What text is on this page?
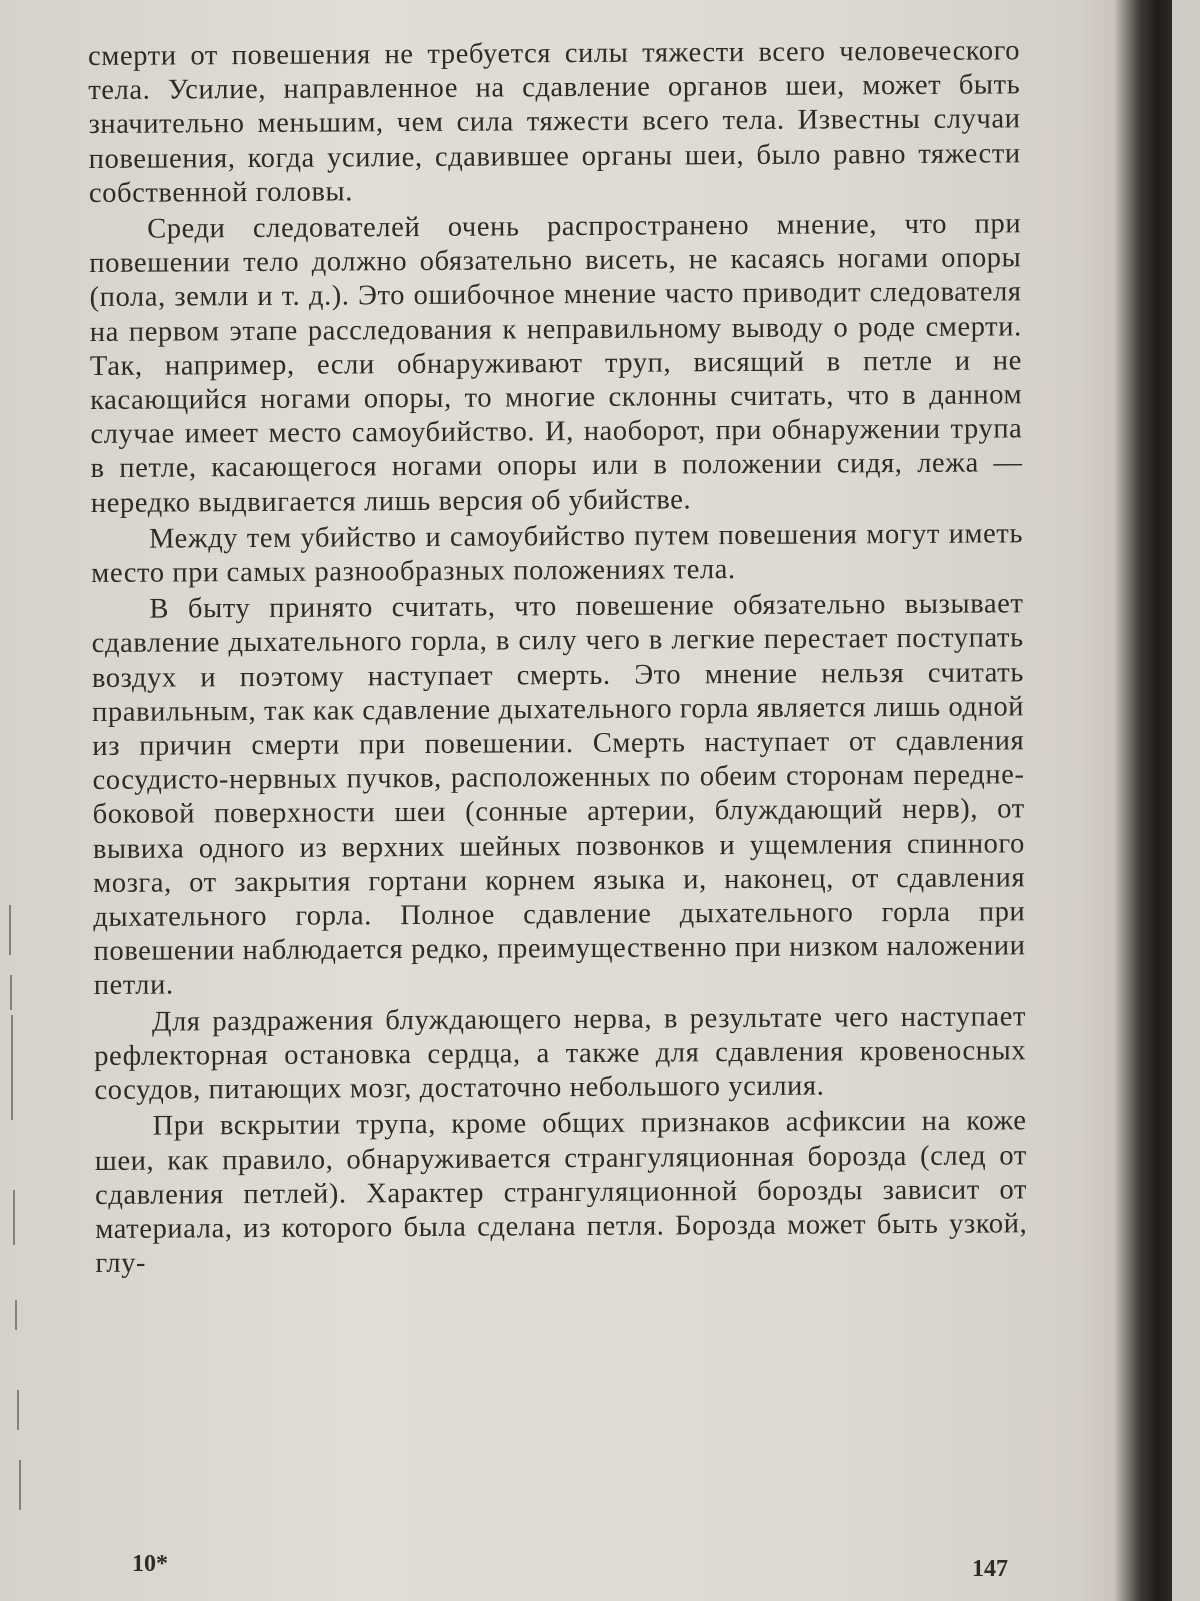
смерти от повешения не требуется силы тяжести всего человеческого тела. Усилие, направленное на сдавление органов шеи, может быть значительно меньшим, чем сила тяжести всего тела. Известны случаи повешения, когда усилие, сдавившее органы шеи, было равно тяжести собственной головы.

Среди следователей очень распространено мнение, что при повешении тело должно обязательно висеть, не касаясь ногами опоры (пола, земли и т. д.). Это ошибочное мнение часто приводит следователя на первом этапе расследования к неправильному выводу о роде смерти. Так, например, если обнаруживают труп, висящий в петле и не касающийся ногами опоры, то многие склонны считать, что в данном случае имеет место самоубийство. И, наоборот, при обнаружении трупа в петле, касающегося ногами опоры или в положении сидя, лежа — нередко выдвигается лишь версия об убийстве.

Между тем убийство и самоубийство путем повешения могут иметь место при самых разнообразных положениях тела.

В быту принято считать, что повешение обязательно вызывает сдавление дыхательного горла, в силу чего в легкие перестает поступать воздух и поэтому наступает смерть. Это мнение нельзя считать правильным, так как сдавление дыхательного горла является лишь одной из причин смерти при повешении. Смерть наступает от сдавления сосудисто-нервных пучков, расположенных по обеим сторонам передне-боковой поверхности шеи (сонные артерии, блуждающий нерв), от вывиха одного из верхних шейных позвонков и ущемления спинного мозга, от закрытия гортани корнем языка и, наконец, от сдавления дыхательного горла. Полное сдавление дыхательного горла при повешении наблюдается редко, преимущественно при низком наложении петли.

Для раздражения блуждающего нерва, в результате чего наступает рефлекторная остановка сердца, а также для сдавления кровеносных сосудов, питающих мозг, достаточно небольшого усилия.

При вскрытии трупа, кроме общих признаков асфиксии на коже шеи, как правило, обнаруживается странгуляционная борозда (след от сдавления петлей). Характер странгуляционной борозды зависит от материала, из которого была сделана петля. Борозда может быть узкой, глу-

10*	147
